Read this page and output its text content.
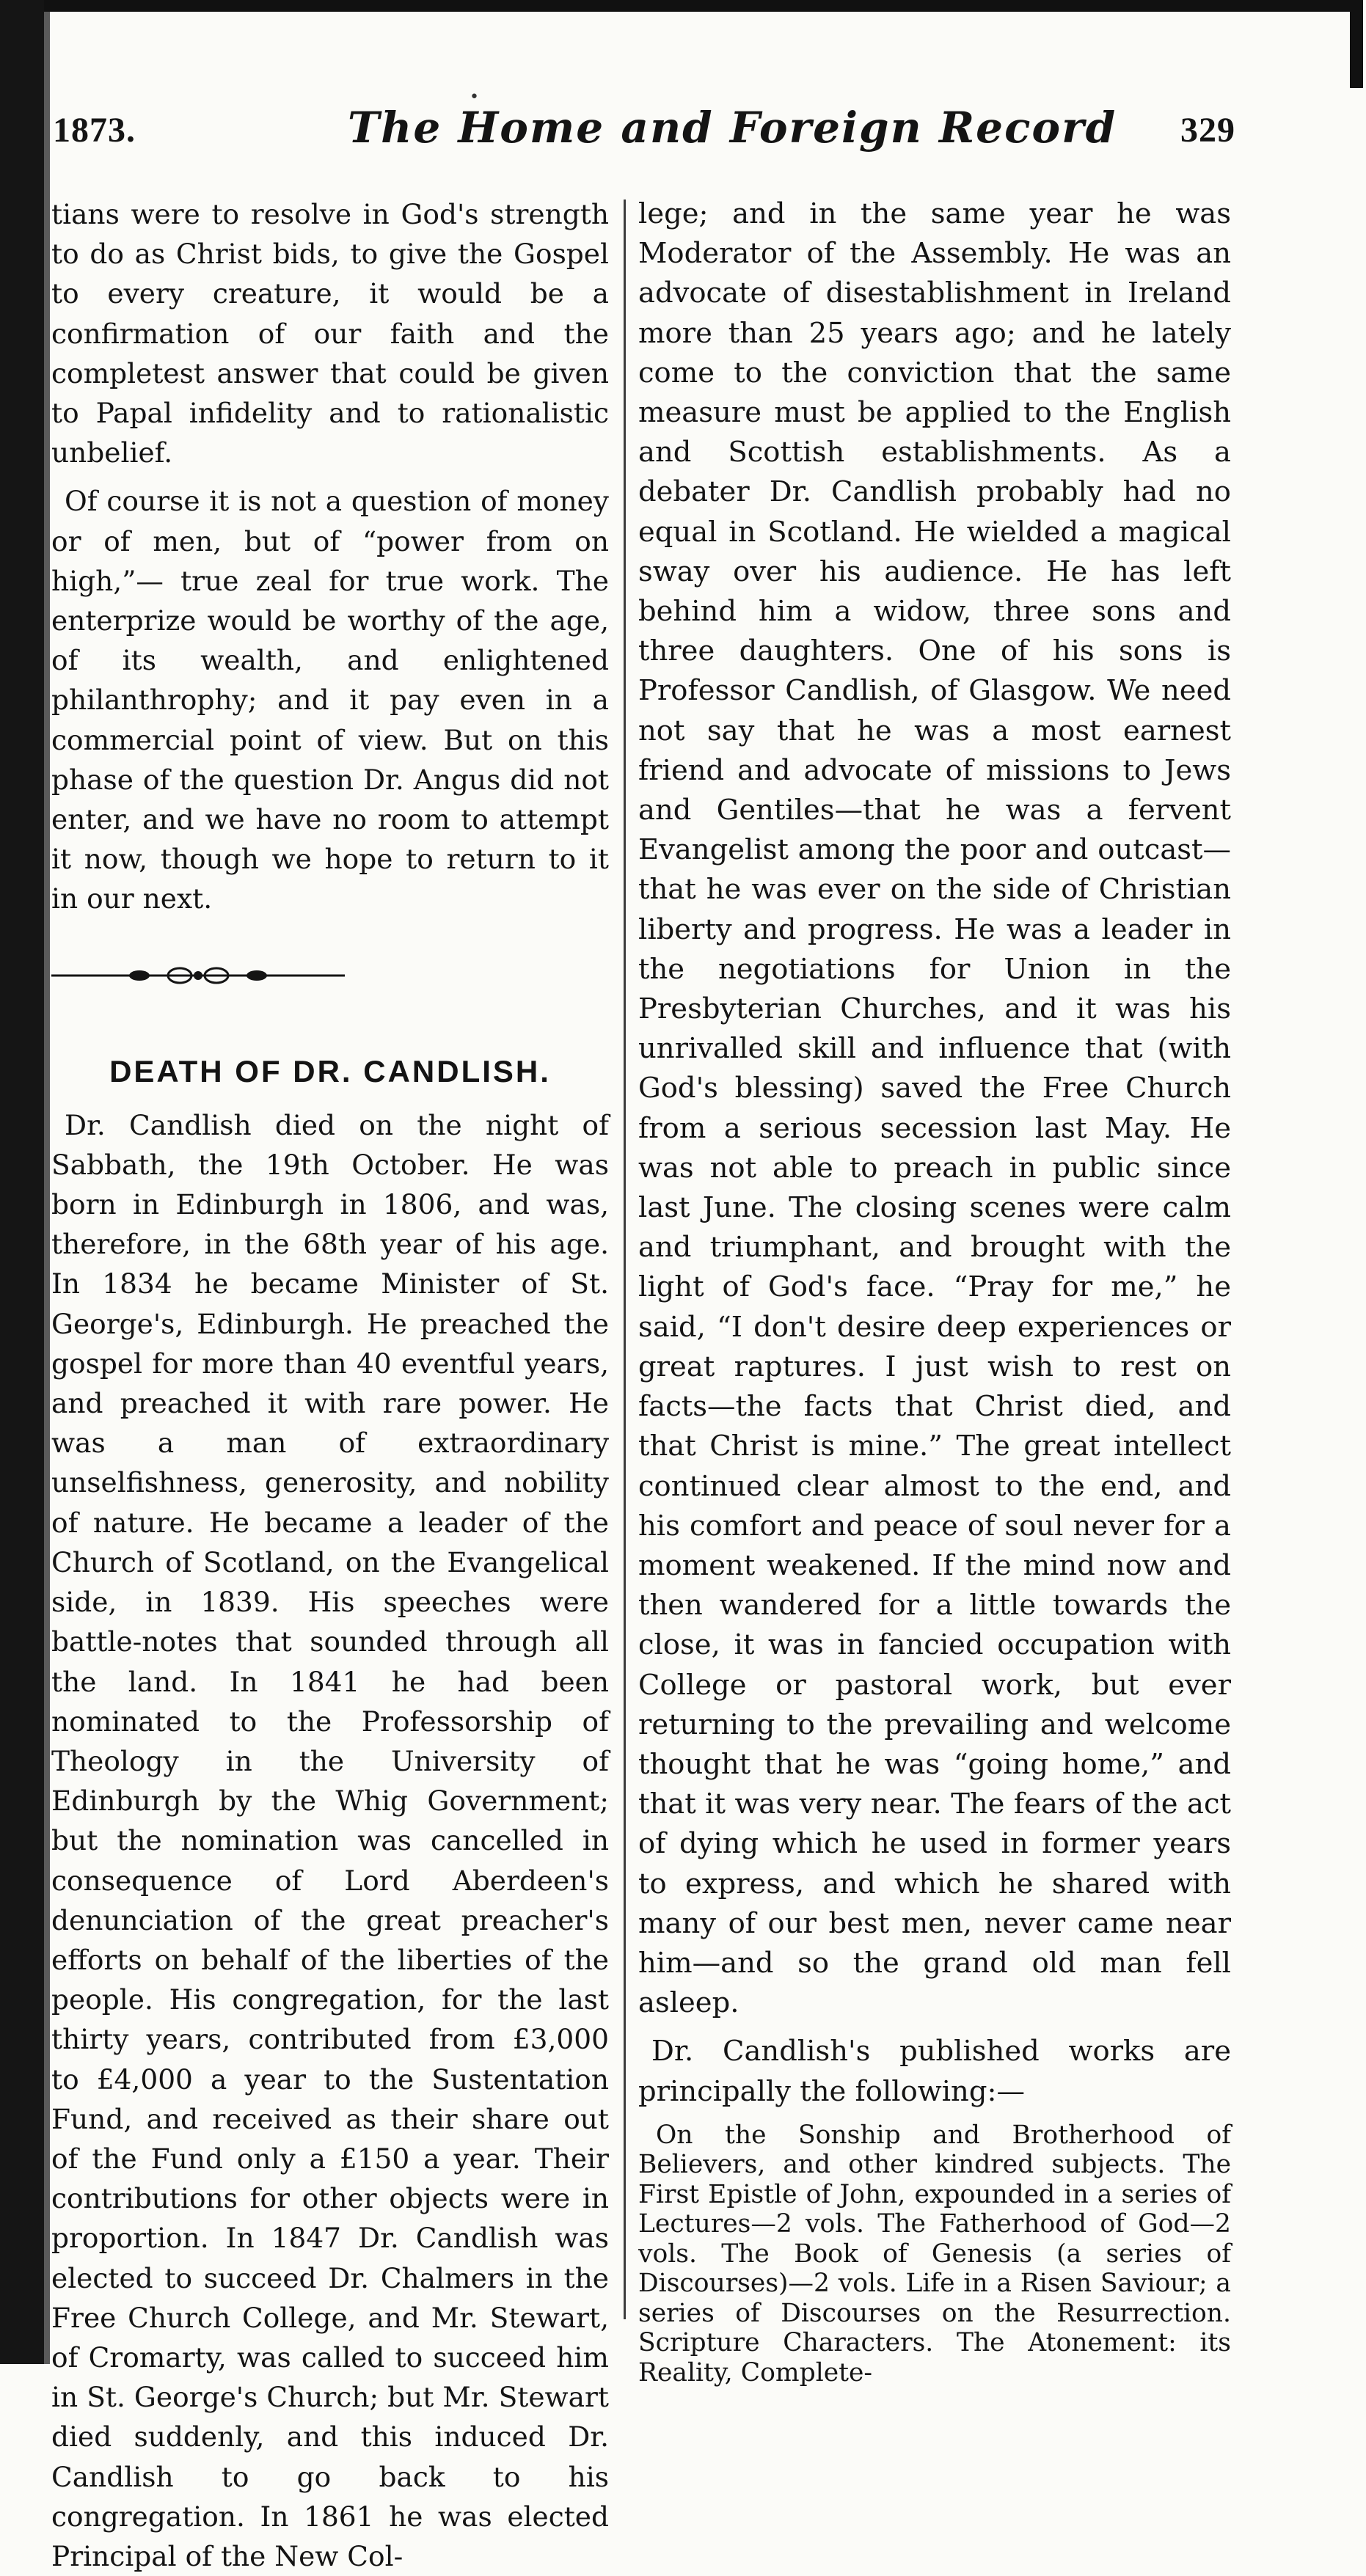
•
1873.	The Home and Foreign Record 329

tians were to resolve in God's strength to do as Christ bids, to give the Gospel to every creature, it would be a confirmation of our faith and the completest answer that could be given to Papal infidelity and to rationalistic unbelief.

Of course it is not a question of money or of men, but of “power from on high,”— true zeal for true work. The enterprize would be worthy of the age, of its wealth, and enlightened philanthrophy; and it pay even in a commercial point of view. But on this phase of the question Dr. Angus did not enter, and we have no room to attempt it now, though we hope to return to it in our next.

DEATH OF DR. CANDLISH.

Dr. Candlish died on the night of Sabbath, the 19th October. He was born in Edinburgh in 1806, and was, therefore, in the 68th year of his age. In 1834 he became Minister of St. George's, Edinburgh. He preached the gospel for more than 40 eventful years, and preached it with rare power. He was a man of extraordinary unselfishness, generosity, and nobility of nature. He became a leader of the Church of Scotland, on the Evangelical side, in 1839. His speeches were battle-notes that sounded through all the land. In 1841 he had been nominated to the Professorship of Theology in the University of Edinburgh by the Whig Government; but the nomination was cancelled in consequence of Lord Aberdeen's denunciation of the great preacher's efforts on behalf of the liberties of the people. His congregation, for the last thirty years, contributed from £3,000 to £4,000 a year to the Sustentation Fund, and received as their share out of the Fund only a £150 a year. Their contributions for other objects were in proportion. In 1847 Dr. Candlish was elected to succeed Dr. Chalmers in the Free Church College, and Mr. Stewart, of Cromarty, was called to succeed him in St. George's Church; but Mr. Stewart died suddenly, and this induced Dr. Candlish to go back to his congregation. In 1861 he was elected Principal of the New Col-

lege; and in the same year he was Moderator of the Assembly. He was an advocate of disestablishment in Ireland more than 25 years ago; and he lately come to the conviction that the same measure must be applied to the English and Scottish establishments. As a debater Dr. Candlish probably had no equal in Scotland. He wielded a magical sway over his audience. He has left behind him a widow, three sons and three daughters. One of his sons is Professor Candlish, of Glasgow. We need not say that he was a most earnest friend and advocate of missions to Jews and Gentiles—that he was a fervent Evangelist among the poor and outcast—that he was ever on the side of Christian liberty and progress. He was a leader in the negotiations for Union in the Presbyterian Churches, and it was his unrivalled skill and influence that (with God's blessing) saved the Free Church from a serious secession last May. He was not able to preach in public since last June. The closing scenes were calm and triumphant, and brought with the light of God's face. “Pray for me,” he said, “I don't desire deep experiences or great raptures. I just wish to rest on facts—the facts that Christ died, and that Christ is mine.” The great intellect continued clear almost to the end, and his comfort and peace of soul never for a moment weakened. If the mind now and then wandered for a little towards the close, it was in fancied occupation with College or pastoral work, but ever returning to the prevailing and welcome thought that he was “going home,” and that it was very near. The fears of the act of dying which he used in former years to express, and which he shared with many of our best men, never came near him—and so the grand old man fell asleep.

Dr. Candlish's published works are principally the following:—

On the Sonship and Brotherhood of Believers, and other kindred subjects. The First Epistle of John, expounded in a series of Lectures—2 vols. The Fatherhood of God—2 vols. The Book of Genesis (a series of Discourses)—2 vols. Life in a Risen Saviour; a series of Discourses on the Resurrection. Scripture Characters. The Atonement: its Reality, Complete-
